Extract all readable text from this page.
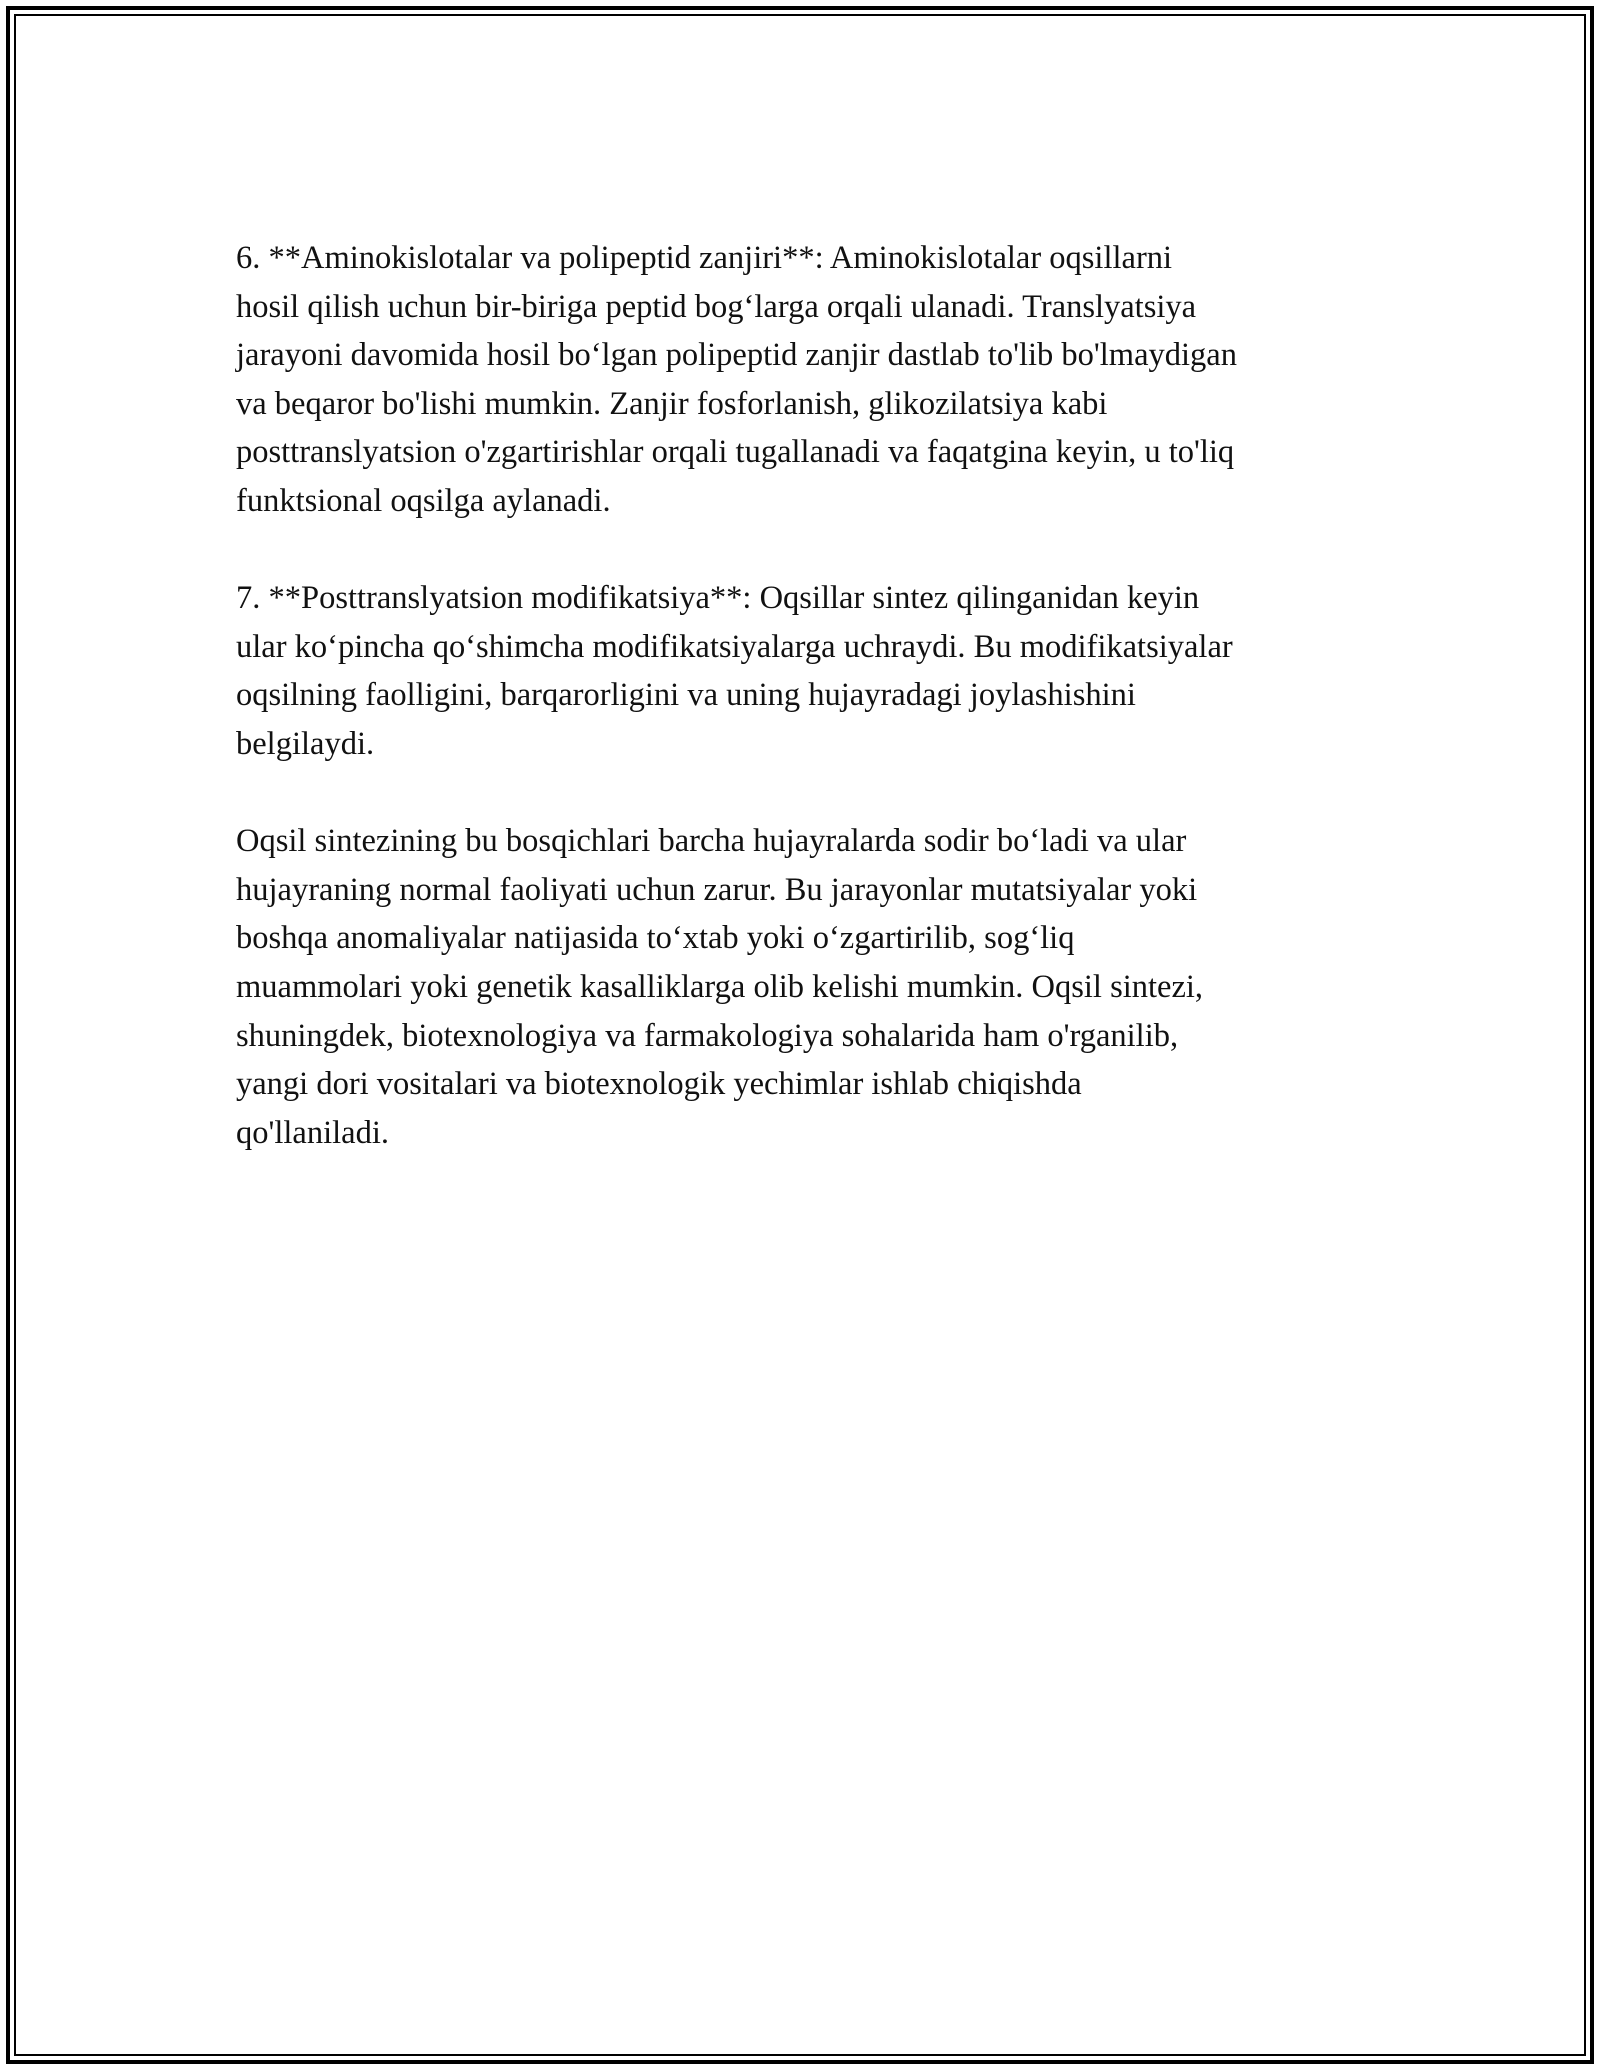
6. **Aminokislotalar va polipeptid zanjiri**: Aminokislotalar oqsillarni
hosil qilish uchun bir-biriga peptid bog‘larga orqali ulanadi. Translyatsiya
jarayoni davomida hosil bo‘lgan polipeptid zanjir dastlab to'lib bo'lmaydigan
va beqaror bo'lishi mumkin. Zanjir fosforlanish, glikozilatsiya kabi
posttranslyatsion o'zgartirishlar orqali tugallanadi va faqatgina keyin, u to'liq
funktsional oqsilga aylanadi.

7. **Posttranslyatsion modifikatsiya**: Oqsillar sintez qilinganidan keyin
ular ko‘pincha qo‘shimcha modifikatsiyalarga uchraydi. Bu modifikatsiyalar
oqsilning faolligini, barqarorligini va uning hujayradagi joylashishini
belgilaydi.

Oqsil sintezining bu bosqichlari barcha hujayralarda sodir bo‘ladi va ular
hujayraning normal faoliyati uchun zarur. Bu jarayonlar mutatsiyalar yoki
boshqa anomaliyalar natijasida to‘xtab yoki o‘zgartirilib, sog‘liq
muammolari yoki genetik kasalliklarga olib kelishi mumkin. Oqsil sintezi,
shuningdek, biotexnologiya va farmakologiya sohalarida ham o'rganilib,
yangi dori vositalari va biotexnologik yechimlar ishlab chiqishda
qo'llaniladi.
